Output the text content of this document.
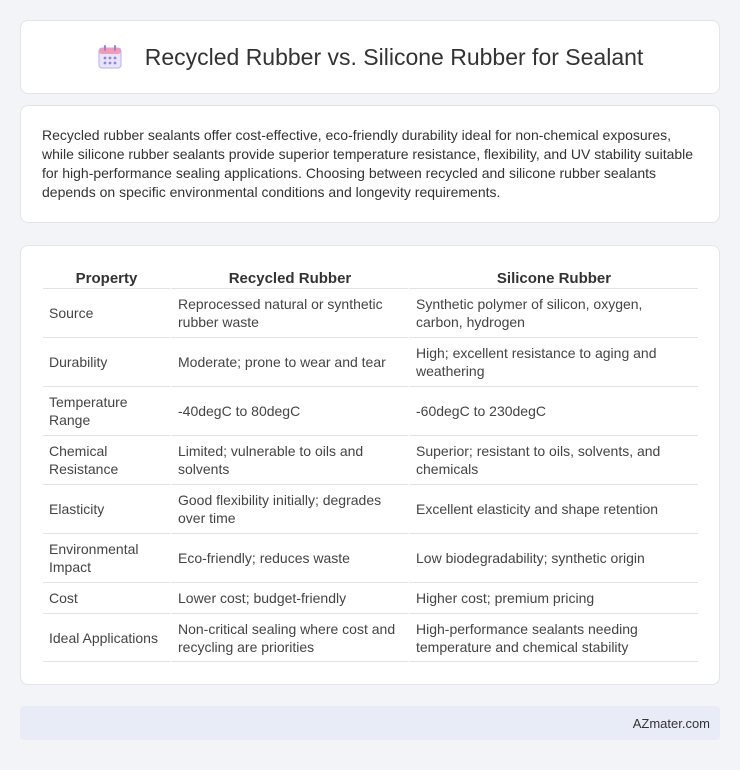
Recycled Rubber vs. Silicone Rubber for Sealant

Recycled rubber sealants offer cost-effective, eco-friendly durability ideal for non-chemical exposures, while silicone rubber sealants provide superior temperature resistance, flexibility, and UV stability suitable for high-performance sealing applications. Choosing between recycled and silicone rubber sealants depends on specific environmental conditions and longevity requirements.

Property	Recycled Rubber	Silicone Rubber
Source	Reprocessed natural or synthetic rubber waste	Synthetic polymer of silicon, oxygen, carbon, hydrogen
Durability	Moderate; prone to wear and tear	High; excellent resistance to aging and weathering
Temperature Range	-40degC to 80degC	-60degC to 230degC
Chemical Resistance	Limited; vulnerable to oils and solvents	Superior; resistant to oils, solvents, and chemicals
Elasticity	Good flexibility initially; degrades over time	Excellent elasticity and shape retention
Environmental Impact	Eco-friendly; reduces waste	Low biodegradability; synthetic origin
Cost	Lower cost; budget-friendly	Higher cost; premium pricing
Ideal Applications	Non-critical sealing where cost and recycling are priorities	High-performance sealants needing temperature and chemical stability
AZmater.com
